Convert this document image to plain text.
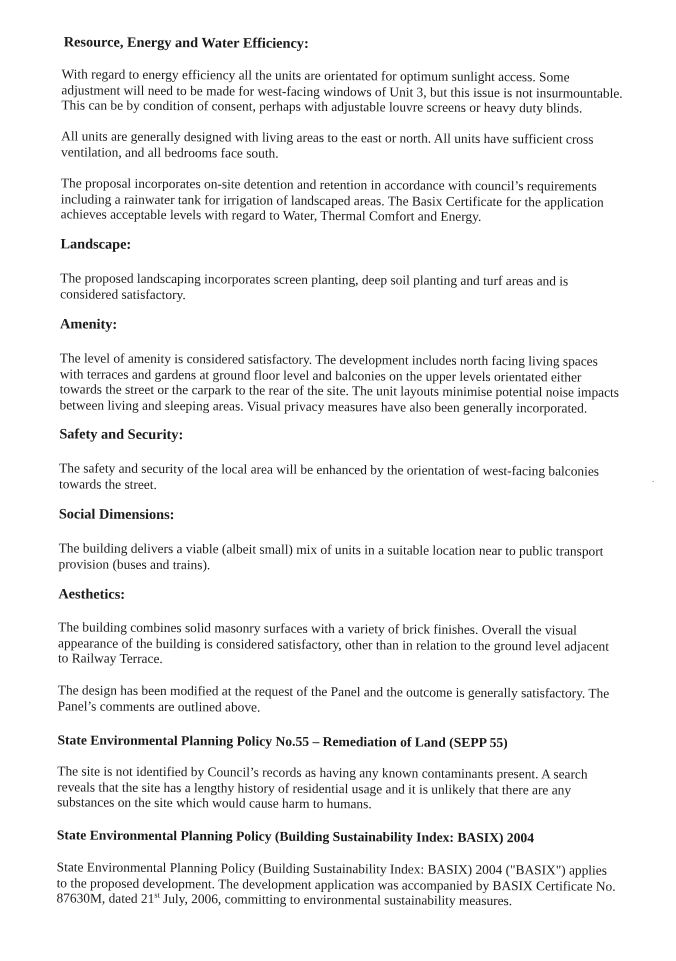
Resource, Energy and Water Efficiency:
With regard to energy efficiency all the units are orientated for optimum sunlight access. Some
adjustment will need to be made for west-facing windows of Unit 3, but this issue is not insurmountable.
This can be by condition of consent, perhaps with adjustable louvre screens or heavy duty blinds.
All units are generally designed with living areas to the east or north. All units have sufficient cross
ventilation, and all bedrooms face south.
The proposal incorporates on-site detention and retention in accordance with council’s requirements
including a rainwater tank for irrigation of landscaped areas. The Basix Certificate for the application
achieves acceptable levels with regard to Water, Thermal Comfort and Energy.
Landscape:
The proposed landscaping incorporates screen planting, deep soil planting and turf areas and is
considered satisfactory.
Amenity:
The level of amenity is considered satisfactory. The development includes north facing living spaces
with terraces and gardens at ground floor level and balconies on the upper levels orientated either
towards the street or the carpark to the rear of the site. The unit layouts minimise potential noise impacts
between living and sleeping areas. Visual privacy measures have also been generally incorporated.
Safety and Security:
The safety and security of the local area will be enhanced by the orientation of west-facing balconies
towards the street.
Social Dimensions:
The building delivers a viable (albeit small) mix of units in a suitable location near to public transport
provision (buses and trains).
Aesthetics:
The building combines solid masonry surfaces with a variety of brick finishes. Overall the visual
appearance of the building is considered satisfactory, other than in relation to the ground level adjacent
to Railway Terrace.
The design has been modified at the request of the Panel and the outcome is generally satisfactory. The
Panel’s comments are outlined above.
State Environmental Planning Policy No.55 – Remediation of Land (SEPP 55)
The site is not identified by Council’s records as having any known contaminants present. A search
reveals that the site has a lengthy history of residential usage and it is unlikely that there are any
substances on the site which would cause harm to humans.
State Environmental Planning Policy (Building Sustainability Index: BASIX) 2004
State Environmental Planning Policy (Building Sustainability Index: BASIX) 2004 ("BASIX") applies
to the proposed development. The development application was accompanied by BASIX Certificate No.
87630M, dated 21st July, 2006, committing to environmental sustainability measures.
.
